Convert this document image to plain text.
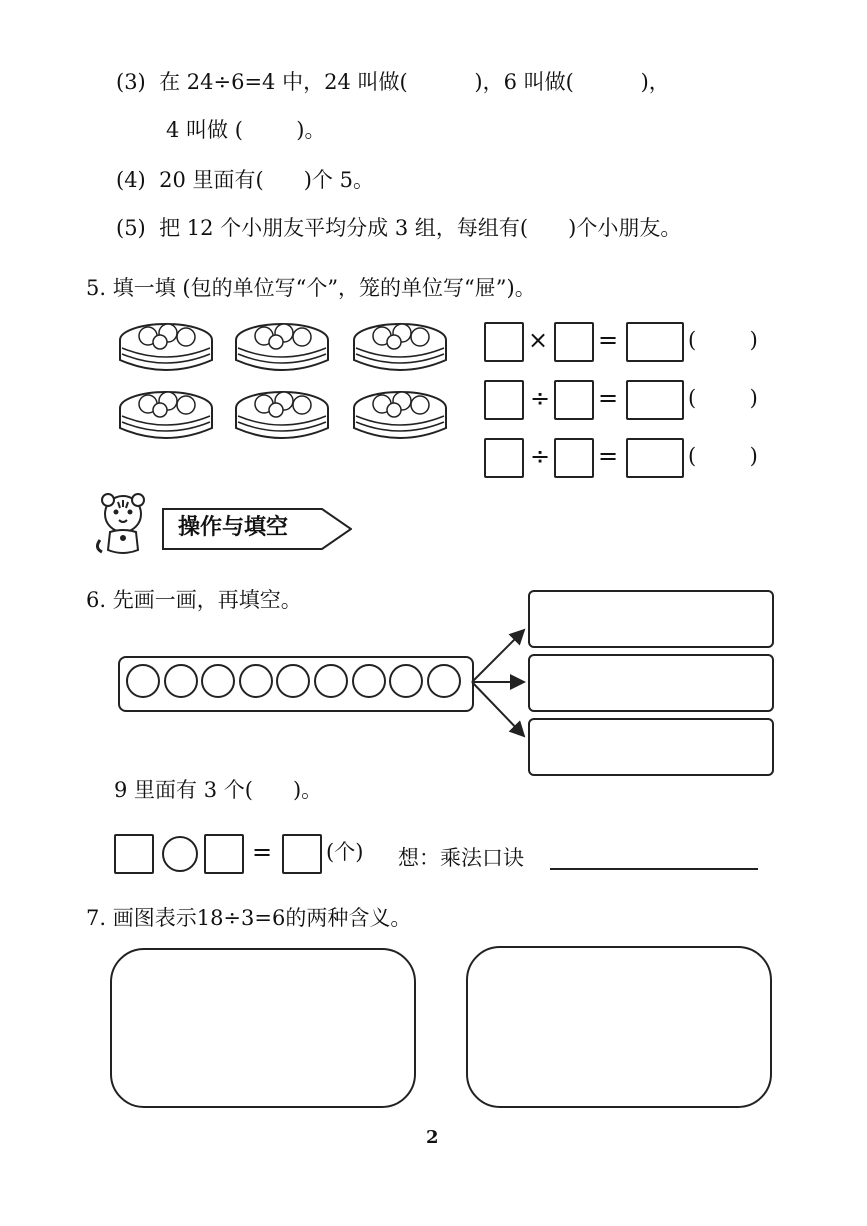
(3)  在 24÷6=4 中，24 叫做(          )，6 叫做(          )，
4 叫做 (        )。
(4)  20 里面有(      )个 5。
(5)  把 12 个小朋友平均分成 3 组，每组有(      )个小朋友。
5. 填一填 (包的单位写“个”，笼的单位写“屉”)。
× =	(        )
÷ =	(        )
÷ =	(        )
操作与填空
6. 先画一画，再填空。
9 里面有 3 个(      )。
=	(个) 想：乘法口诀
7. 画图表示18÷3=6的两种含义。
2
